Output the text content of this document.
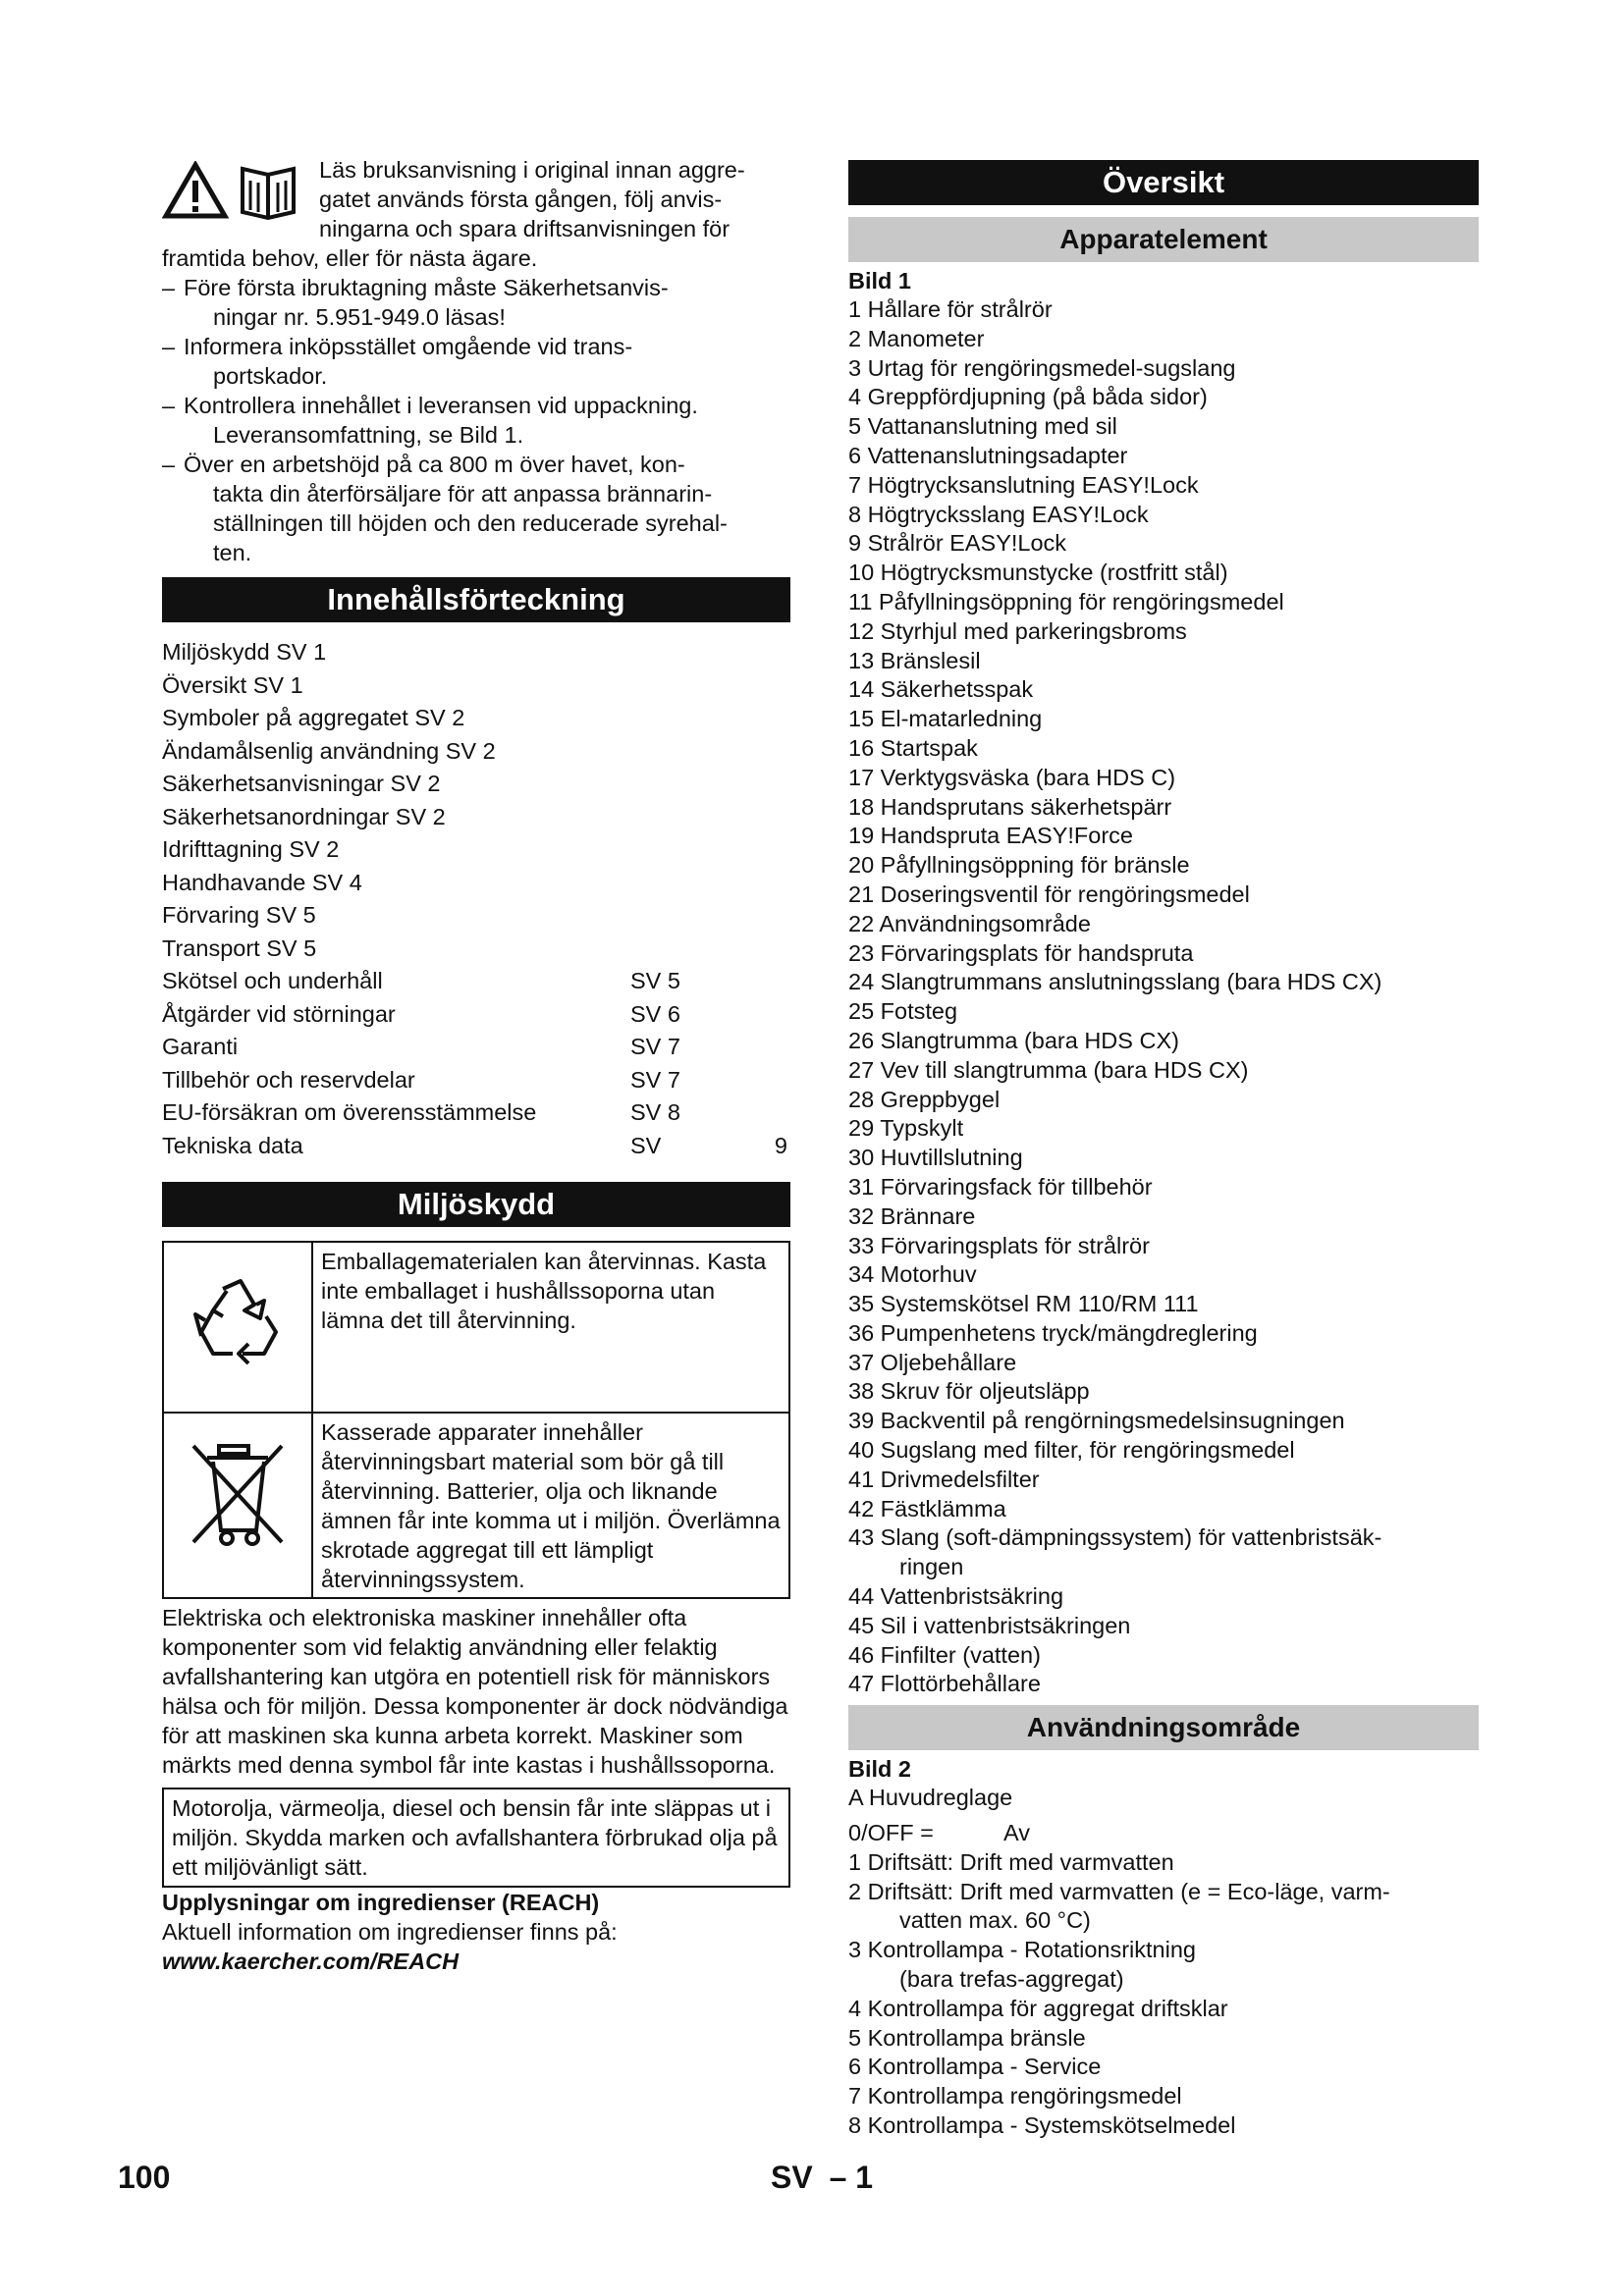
Läs bruksanvisning i original innan aggre-
gatet används första gången, följ anvis-
ningarna och spara driftsanvisningen för
framtida behov, eller för nästa ägare.
– Före första ibruktagning måste Säkerhetsanvis-
ningar nr. 5.951-949.0 läsas!
– Informera inköpsstället omgående vid trans-
portskador.
– Kontrollera innehållet i leveransen vid uppackning.
Leveransomfattning, se Bild 1.
– Över en arbetshöjd på ca 800 m över havet, kon-
takta din återförsäljare för att anpassa brännarin-
ställningen till höjden och den reducerade syrehal-
ten.
Innehållsförteckning
Miljöskydd SV 1
Översikt SV 1
Symboler på aggregatet SV 2
Ändamålsenlig användning SV 2
Säkerhetsanvisningar SV 2
Säkerhetsanordningar SV 2
Idrifttagning SV 2
Handhavande SV 4
Förvaring SV 5
Transport SV 5
Skötsel och underhåll	SV 5
Åtgärder vid störningar	SV 6
Garanti	SV 7
Tillbehör och reservdelar	SV 7
EU-försäkran om överensstämmelse	SV 8
Tekniska data	SV	9
Miljöskydd
	Emballagematerialen kan återvinnas. Kasta inte emballaget i hushållssoporna utan lämna det till återvinning.
	Kasserade apparater innehåller återvinningsbart material som bör gå till återvinning. Batterier, olja och liknande ämnen får inte komma ut i miljön. Överlämna skrotade aggregat till ett lämpligt återvinningssystem.
Elektriska och elektroniska maskiner innehåller ofta komponenter som vid felaktig användning eller felaktig avfallshantering kan utgöra en potentiell risk för människors hälsa och för miljön. Dessa komponenter är dock nödvändiga för att maskinen ska kunna arbeta korrekt. Maskiner som märkts med denna symbol får inte kastas i hushållssoporna.
Motorolja, värmeolja, diesel och bensin får inte släppas ut i miljön. Skydda marken och avfallshantera förbrukad olja på ett miljövänligt sätt.
Upplysningar om ingredienser (REACH)
Aktuell information om ingredienser finns på:
www.kaercher.com/REACH
Översikt
Apparatelement
Bild 1
1 Hållare för strålrör
2 Manometer
3 Urtag för rengöringsmedel-sugslang
4 Greppfördjupning (på båda sidor)
5 Vattananslutning med sil
6 Vattenanslutningsadapter
7 Högtrycksanslutning EASY!Lock
8 Högtrycksslang EASY!Lock
9 Strålrör EASY!Lock
10 Högtrycksmunstycke (rostfritt stål)
11 Påfyllningsöppning för rengöringsmedel
12 Styrhjul med parkeringsbroms
13 Bränslesil
14 Säkerhetsspak
15 El-matarledning
16 Startspak
17 Verktygsväska (bara HDS C)
18 Handsprutans säkerhetspärr
19 Handspruta EASY!Force
20 Påfyllningsöppning för bränsle
21 Doseringsventil för rengöringsmedel
22 Användningsområde
23 Förvaringsplats för handspruta
24 Slangtrummans anslutningsslang (bara HDS CX)
25 Fotsteg
26 Slangtrumma (bara HDS CX)
27 Vev till slangtrumma (bara HDS CX)
28 Greppbygel
29 Typskylt
30 Huvtillslutning
31 Förvaringsfack för tillbehör
32 Brännare
33 Förvaringsplats för strålrör
34 Motorhuv
35 Systemskötsel RM 110/RM 111
36 Pumpenhetens tryck/mängdreglering
37 Oljebehållare
38 Skruv för oljeutsläpp
39 Backventil på rengörningsmedelsinsugningen
40 Sugslang med filter, för rengöringsmedel
41 Drivmedelsfilter
42 Fästklämma
43 Slang (soft-dämpningssystem) för vattenbristsäk-
ringen
44 Vattenbristsäkring
45 Sil i vattenbristsäkringen
46 Finfilter (vatten)
47 Flottörbehållare
Användningsområde
Bild 2
A Huvudreglage
0/OFF =	Av
1 Driftsätt: Drift med varmvatten
2 Driftsätt: Drift med varmvatten (e = Eco-läge, varm-
vatten max. 60 °C)
3 Kontrollampa - Rotationsriktning
(bara trefas-aggregat)
4 Kontrollampa för aggregat driftsklar
5 Kontrollampa bränsle
6 Kontrollampa - Service
7 Kontrollampa rengöringsmedel
8 Kontrollampa - Systemskötselmedel
100	SV – 1
